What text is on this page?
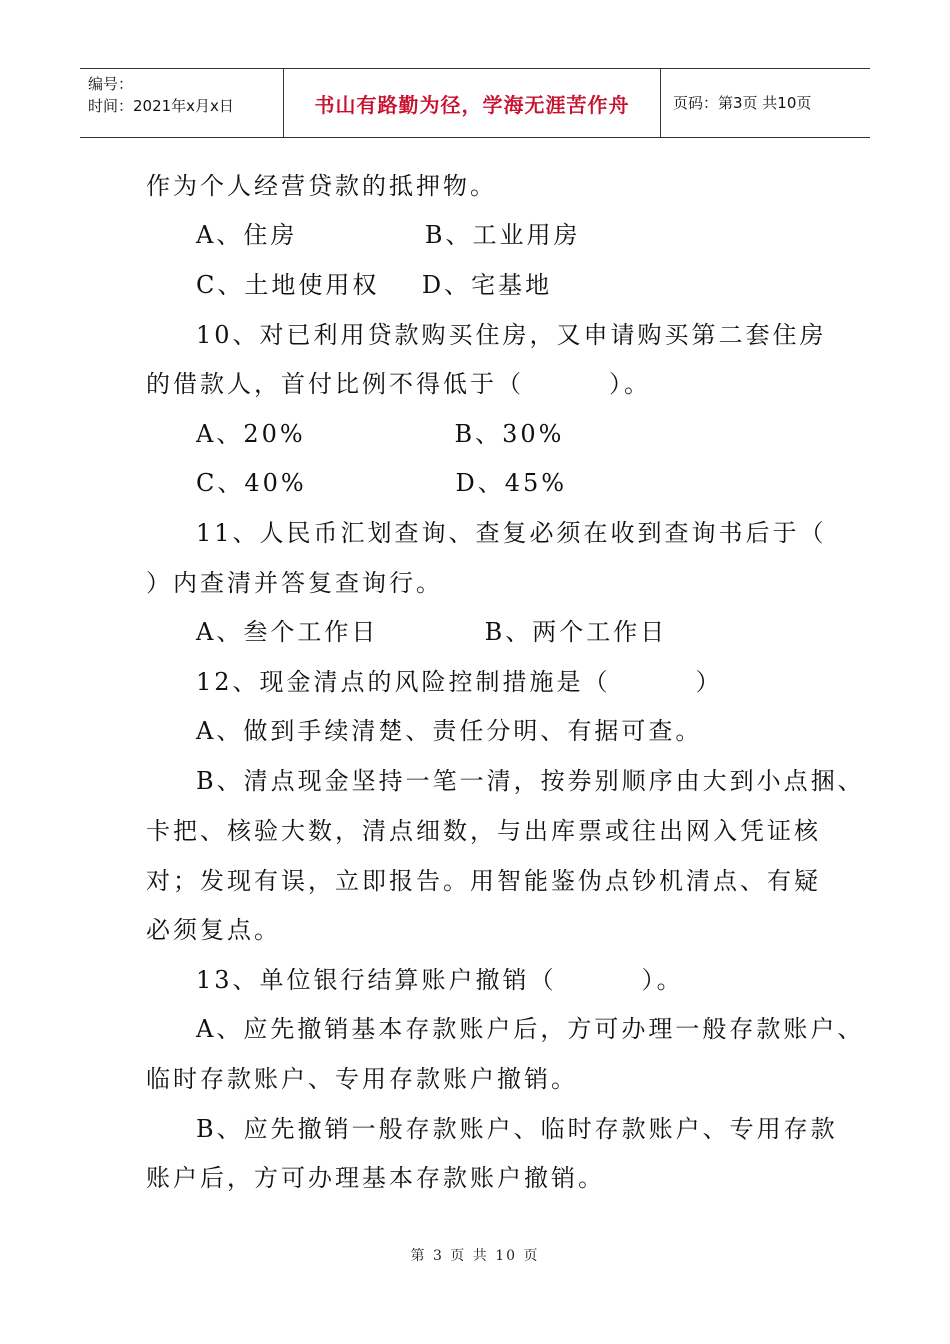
编号：
时间：2021年x月x日	书山有路勤为径，学海无涯苦作舟	页码：第3页 共10页
作为个人经营贷款的抵押物。
A、住房            B、工业用房
C、土地使用权    D、宅基地
10、对已利用贷款购买住房，又申请购买第二套住房
的借款人，首付比例不得低于（        ）。
A、20%              B、30%
C、40%              D、45%
11、人民币汇划查询、查复必须在收到查询书后于（
）内查清并答复查询行。
A、叁个工作日          B、两个工作日
12、现金清点的风险控制措施是（        ）
A、做到手续清楚、责任分明、有据可查。
B、清点现金坚持一笔一清，按券别顺序由大到小点捆、
卡把、核验大数，清点细数，与出库票或往出网入凭证核
对；发现有误，立即报告。用智能鉴伪点钞机清点、有疑
必须复点。
13、单位银行结算账户撤销（        ）。
A、应先撤销基本存款账户后，方可办理一般存款账户、
临时存款账户、专用存款账户撤销。
B、应先撤销一般存款账户、临时存款账户、专用存款
账户后，方可办理基本存款账户撤销。
第 3 页 共 10 页
